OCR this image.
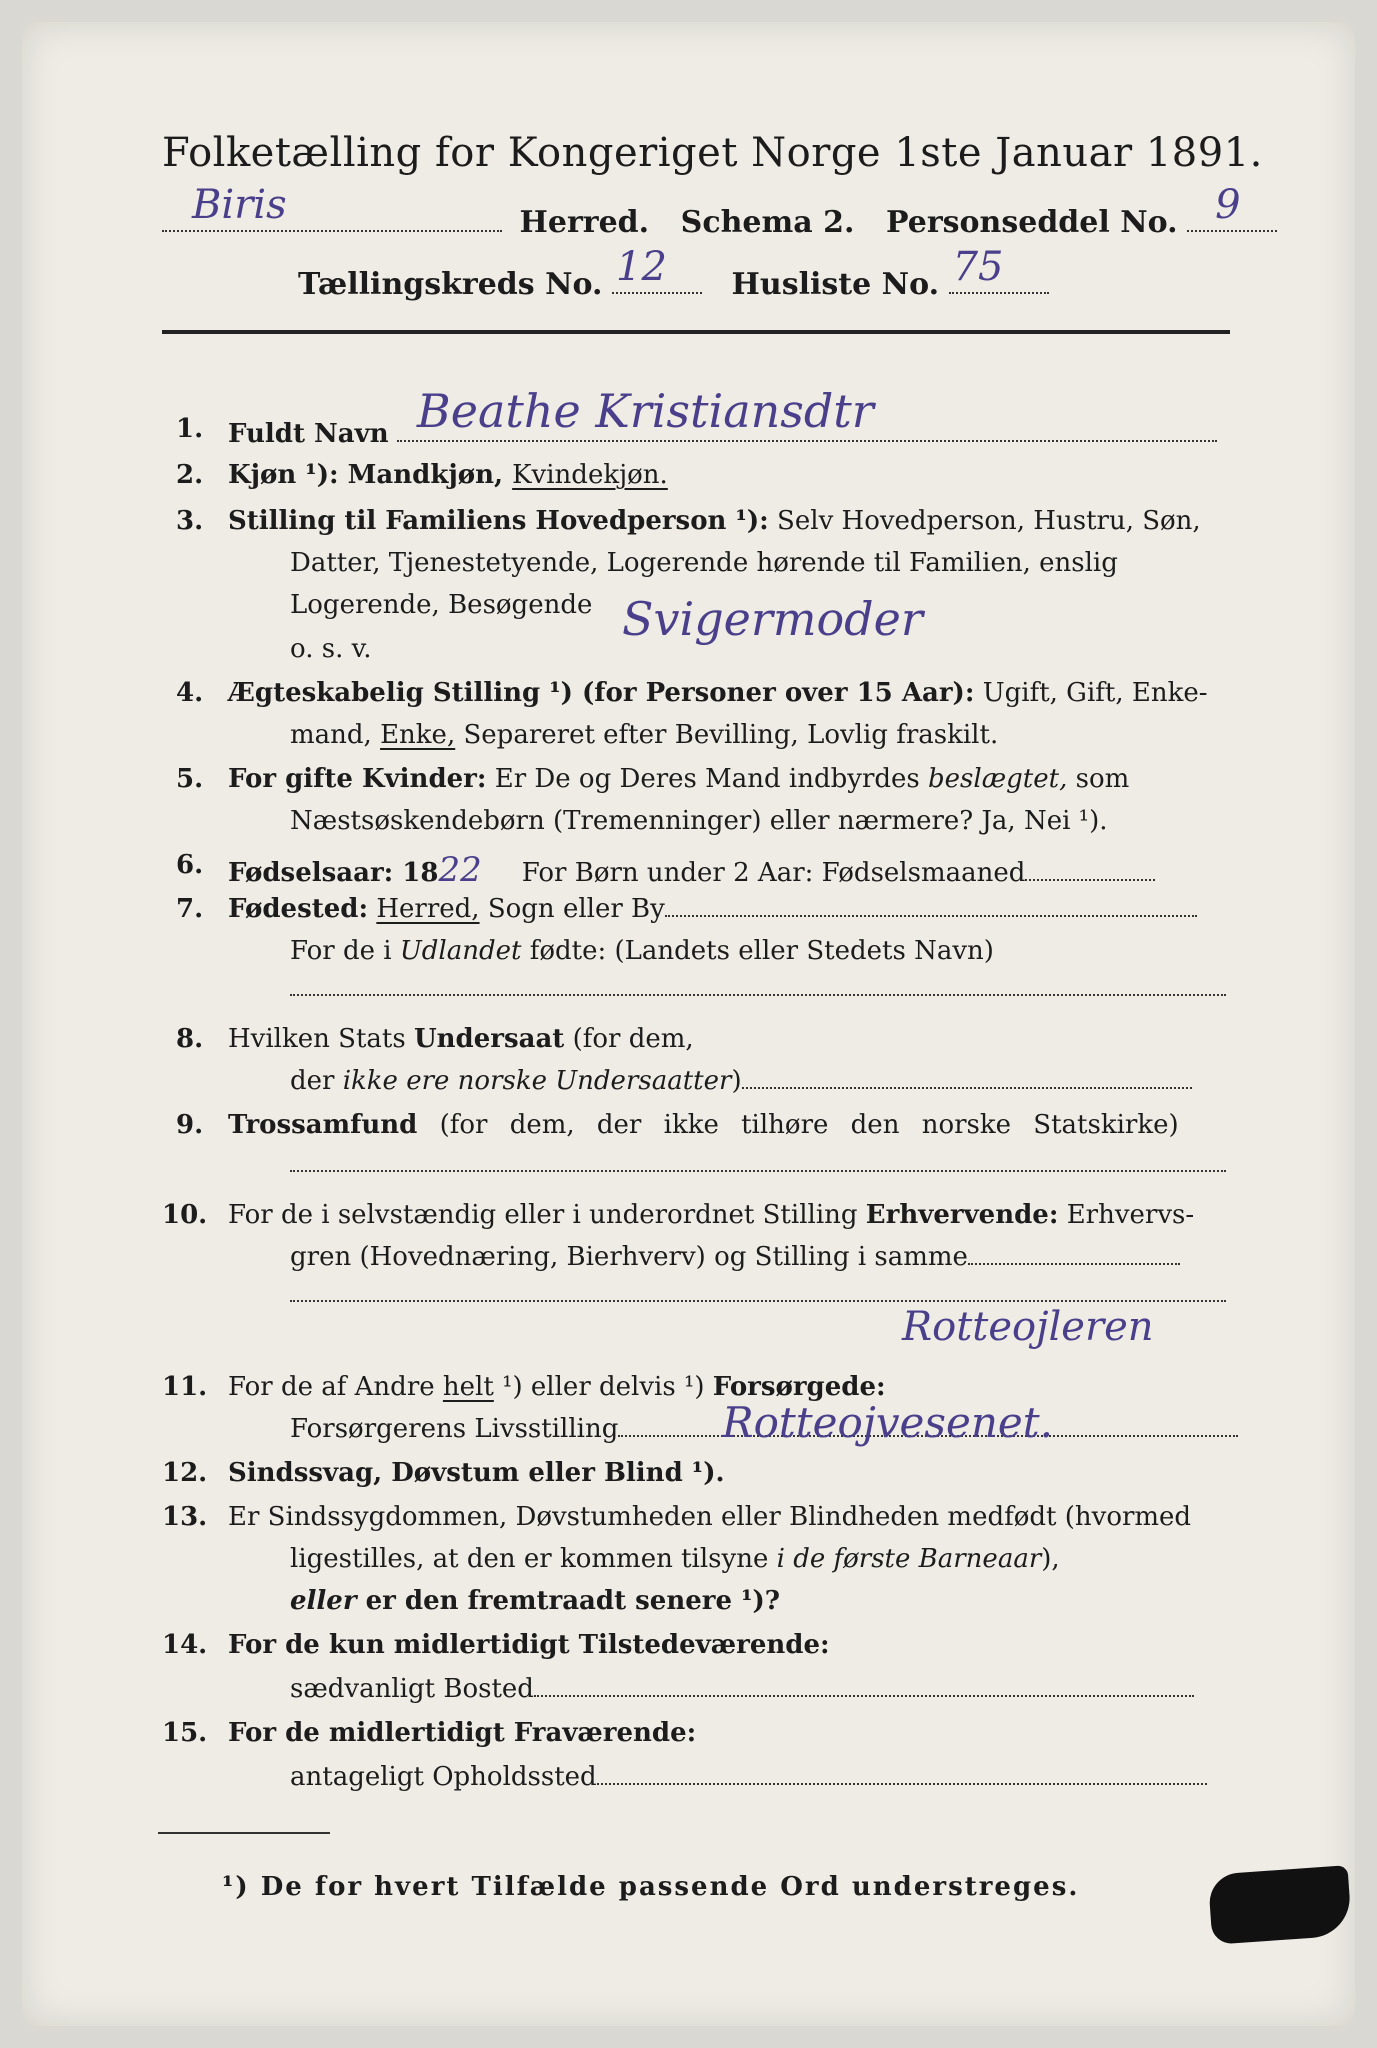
Folketælling for Kongeriget Norge 1ste Januar 1891.
Biris	Herred. Schema 2. Personseddel No. 9
Tællingskreds No. 12 Husliste No. 75
1. Fuldt Navn Beathe Kristiansdtr
2. Kjøn ¹): Mandkjøn, Kvindekjøn.
3. Stilling til Familiens Hovedperson ¹): Selv Hovedperson, Hustru, Søn,
Datter, Tjenestetyende, Logerende hørende til Familien, enslig
Logerende, Besøgende
o. s. v.
Svigermoder
4. Ægteskabelig Stilling ¹) (for Personer over 15 Aar): Ugift, Gift, Enke-
mand, Enke, Separeret efter Bevilling, Lovlig fraskilt.
5. For gifte Kvinder: Er De og Deres Mand indbyrdes beslægtet, som
Næstsøskendebørn (Tremenninger) eller nærmere? Ja, Nei ¹).
6. Fødselsaar: 1822 For Børn under 2 Aar: Fødselsmaaned
7. Fødested: Herred, Sogn eller By
For de i Udlandet fødte: (Landets eller Stedets Navn)
8. Hvilken Stats Undersaat (for dem,
der ikke ere norske Undersaatter)
9. Trossamfund (for dem, der ikke tilhøre den norske Statskirke)
10. For de i selvstændig eller i underordnet Stilling Erhvervende: Erhvervs-
gren (Hovednæring, Bierhverv) og Stilling i samme
Rotteojleren
11. For de af Andre helt ¹) eller delvis ¹) Forsørgede:
Forsørgerens Livsstilling	Rotteojvesenet.
12. Sindssvag, Døvstum eller Blind ¹).
13. Er Sindssygdommen, Døvstumheden eller Blindheden medfødt (hvormed
ligestilles, at den er kommen tilsyne i de første Barneaar),
eller er den fremtraadt senere ¹)?
14. For de kun midlertidigt Tilstedeværende:
sædvanligt Bosted
15. For de midlertidigt Fraværende:
antageligt Opholdssted
¹) De for hvert Tilfælde passende Ord understreges.
